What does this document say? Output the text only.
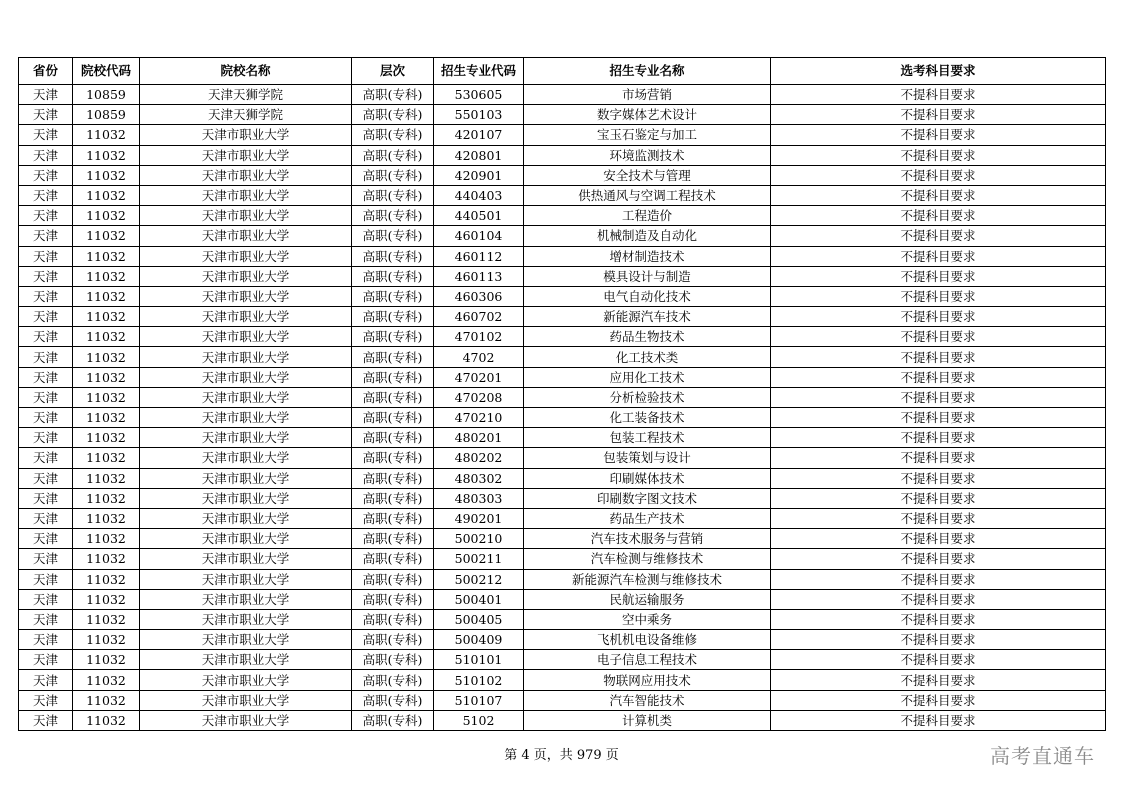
省份	院校代码	院校名称	层次	招生专业代码	招生专业名称	选考科目要求
天津	10859	天津天狮学院	高职(专科)	530605	市场营销	不提科目要求
天津	10859	天津天狮学院	高职(专科)	550103	数字媒体艺术设计	不提科目要求
天津	11032	天津市职业大学	高职(专科)	420107	宝玉石鉴定与加工	不提科目要求
天津	11032	天津市职业大学	高职(专科)	420801	环境监测技术	不提科目要求
天津	11032	天津市职业大学	高职(专科)	420901	安全技术与管理	不提科目要求
天津	11032	天津市职业大学	高职(专科)	440403	供热通风与空调工程技术	不提科目要求
天津	11032	天津市职业大学	高职(专科)	440501	工程造价	不提科目要求
天津	11032	天津市职业大学	高职(专科)	460104	机械制造及自动化	不提科目要求
天津	11032	天津市职业大学	高职(专科)	460112	增材制造技术	不提科目要求
天津	11032	天津市职业大学	高职(专科)	460113	模具设计与制造	不提科目要求
天津	11032	天津市职业大学	高职(专科)	460306	电气自动化技术	不提科目要求
天津	11032	天津市职业大学	高职(专科)	460702	新能源汽车技术	不提科目要求
天津	11032	天津市职业大学	高职(专科)	470102	药品生物技术	不提科目要求
天津	11032	天津市职业大学	高职(专科)	4702	化工技术类	不提科目要求
天津	11032	天津市职业大学	高职(专科)	470201	应用化工技术	不提科目要求
天津	11032	天津市职业大学	高职(专科)	470208	分析检验技术	不提科目要求
天津	11032	天津市职业大学	高职(专科)	470210	化工装备技术	不提科目要求
天津	11032	天津市职业大学	高职(专科)	480201	包装工程技术	不提科目要求
天津	11032	天津市职业大学	高职(专科)	480202	包装策划与设计	不提科目要求
天津	11032	天津市职业大学	高职(专科)	480302	印刷媒体技术	不提科目要求
天津	11032	天津市职业大学	高职(专科)	480303	印刷数字图文技术	不提科目要求
天津	11032	天津市职业大学	高职(专科)	490201	药品生产技术	不提科目要求
天津	11032	天津市职业大学	高职(专科)	500210	汽车技术服务与营销	不提科目要求
天津	11032	天津市职业大学	高职(专科)	500211	汽车检测与维修技术	不提科目要求
天津	11032	天津市职业大学	高职(专科)	500212	新能源汽车检测与维修技术	不提科目要求
天津	11032	天津市职业大学	高职(专科)	500401	民航运输服务	不提科目要求
天津	11032	天津市职业大学	高职(专科)	500405	空中乘务	不提科目要求
天津	11032	天津市职业大学	高职(专科)	500409	飞机机电设备维修	不提科目要求
天津	11032	天津市职业大学	高职(专科)	510101	电子信息工程技术	不提科目要求
天津	11032	天津市职业大学	高职(专科)	510102	物联网应用技术	不提科目要求
天津	11032	天津市职业大学	高职(专科)	510107	汽车智能技术	不提科目要求
天津	11032	天津市职业大学	高职(专科)	5102	计算机类	不提科目要求
第 4 页，共 979 页	高考直通车
